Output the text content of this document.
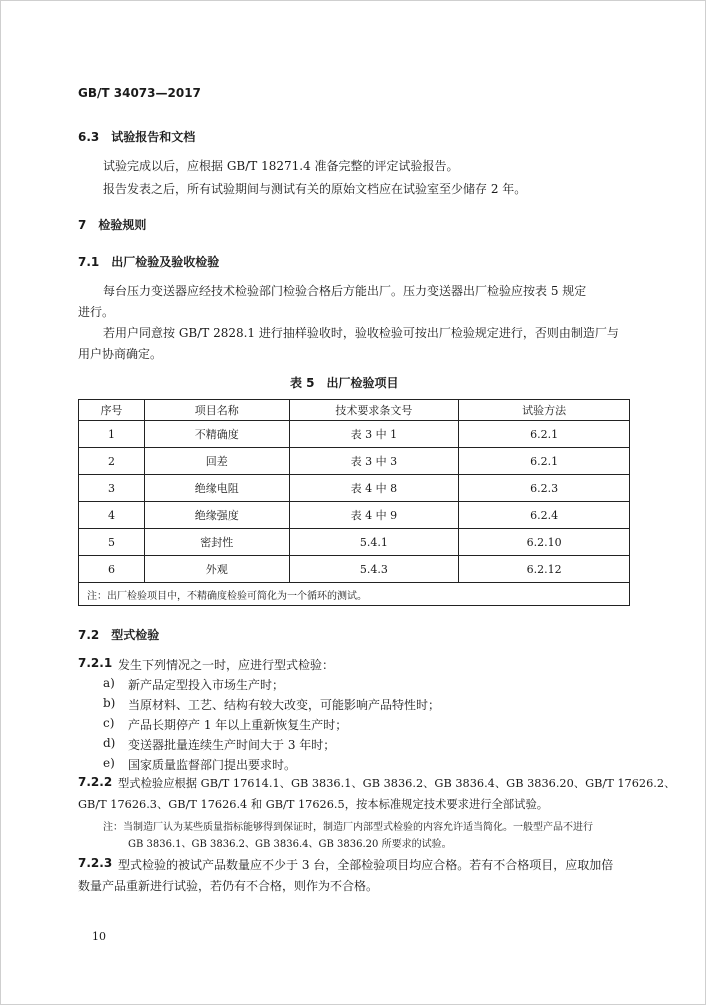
GB/T 34073—2017
6.3　试验报告和文档
试验完成以后，应根据 GB/T 18271.4 准备完整的评定试验报告。
报告发表之后，所有试验期间与测试有关的原始文档应在试验室至少储存 2 年。
7　检验规则
7.1　出厂检验及验收检验
每台压力变送器应经技术检验部门检验合格后方能出厂。压力变送器出厂检验应按表 5 规定
进行。
若用户同意按 GB/T 2828.1 进行抽样验收时，验收检验可按出厂检验规定进行，否则由制造厂与
用户协商确定。
表 5　出厂检验项目
序号	项目名称	技术要求条文号	试验方法
1	不精确度	表 3 中 1	6.2.1
2	回差	表 3 中 3	6.2.1
3	绝缘电阻	表 4 中 8	6.2.3
4	绝缘强度	表 4 中 9	6.2.4
5	密封性	5.4.1	6.2.10
6	外观	5.4.3	6.2.12
注：出厂检验项目中，不精确度检验可简化为一个循环的测试。			
7.2　型式检验
7.2.1 发生下列情况之一时，应进行型式检验：
a) 新产品定型投入市场生产时；
b) 当原材料、工艺、结构有较大改变，可能影响产品特性时；
c) 产品长期停产 1 年以上重新恢复生产时；
d) 变送器批量连续生产时间大于 3 年时；
e) 国家质量监督部门提出要求时。
7.2.2 型式检验应根据 GB/T 17614.1、GB 3836.1、GB 3836.2、GB 3836.4、GB 3836.20、GB/T 17626.2、
GB/T 17626.3、GB/T 17626.4 和 GB/T 17626.5，按本标准规定技术要求进行全部试验。
注：当制造厂认为某些质量指标能够得到保证时，制造厂内部型式检验的内容允许适当简化。一般型产品不进行
GB 3836.1、GB 3836.2、GB 3836.4、GB 3836.20 所要求的试验。
7.2.3 型式检验的被试产品数量应不少于 3 台，全部检验项目均应合格。若有不合格项目，应取加倍
数量产品重新进行试验，若仍有不合格，则作为不合格。
10
